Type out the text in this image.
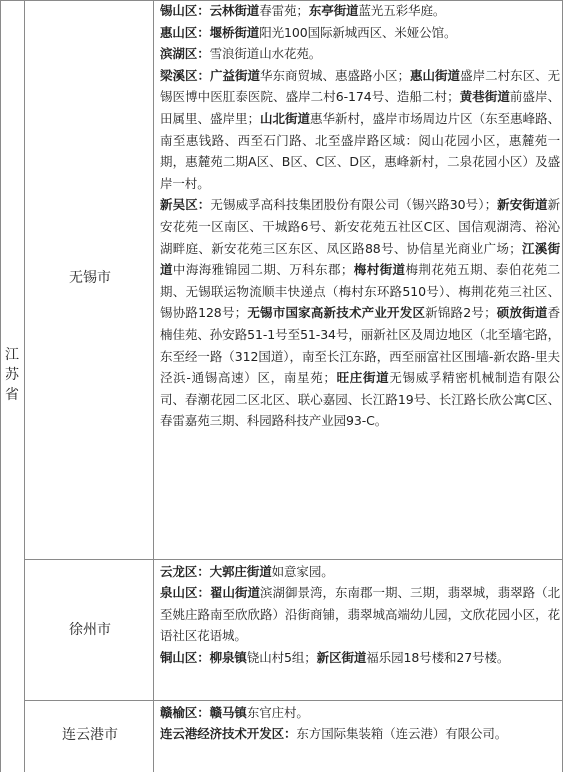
江
苏
省
无锡市
徐州市
连云港市

锡山区：云林街道春雷苑；东亭街道蓝光五彩华庭。

惠山区：堰桥街道阳光100国际新城西区、米娅公馆。

滨湖区：雪浪街道山水花苑。

梁溪区：广益街道华东商贸城、惠盛路小区；惠山街道盛岸二村东区、无锡医博中医肛泰医院、盛岸二村6-174号、造船二村；黄巷街道前盛岸、田属里、盛岸里；山北街道惠华新村，盛岸市场周边片区（东至惠峰路、南至惠钱路、西至石门路、北至盛岸路区域：阅山花园小区，惠麓苑一期，惠麓苑二期A区、B区、C区、D区，惠峰新村，二泉花园小区）及盛岸一村。

新吴区：无锡威孚高科技集团股份有限公司（锡兴路30号）；新安街道新安花苑一区南区、干城路6号、新安花苑五社区C区、国信观湖湾、裕沁湖畔庭、新安花苑三区东区、凤区路88号、协信星光商业广场；江溪街道中海海雅锦园二期、万科东郡；梅村街道梅荆花苑五期、泰伯花苑二期、无锡联运物流顺丰快递点（梅村东环路510号）、梅荆花苑三社区、锡协路128号；无锡市国家高新技术产业开发区新锦路2号；硕放街道香楠佳苑、孙安路51-1号至51-34号，丽新社区及周边地区（北至墙宅路，东至经一路（312国道），南至长江东路，西至丽富社区围墙-新农路-里夫泾浜-通锡高速）区，南星苑；旺庄街道无锡威孚精密机械制造有限公司、春潮花园二区北区、联心嘉园、长江路19号、长江路长欣公寓C区、春雷嘉苑三期、科园路科技产业园93-C。

云龙区：大郭庄街道如意家园。

泉山区：翟山街道滨湖御景湾，东南郡一期、三期，翡翠城，翡翠路（北至姚庄路南至欣欣路）沿街商铺，翡翠城高端幼儿园，文欣花园小区，花语社区花语城。

铜山区：柳泉镇铙山村5组；新区街道福乐园18号楼和27号楼。

赣榆区：赣马镇东官庄村。

连云港经济技术开发区：东方国际集装箱（连云港）有限公司。
